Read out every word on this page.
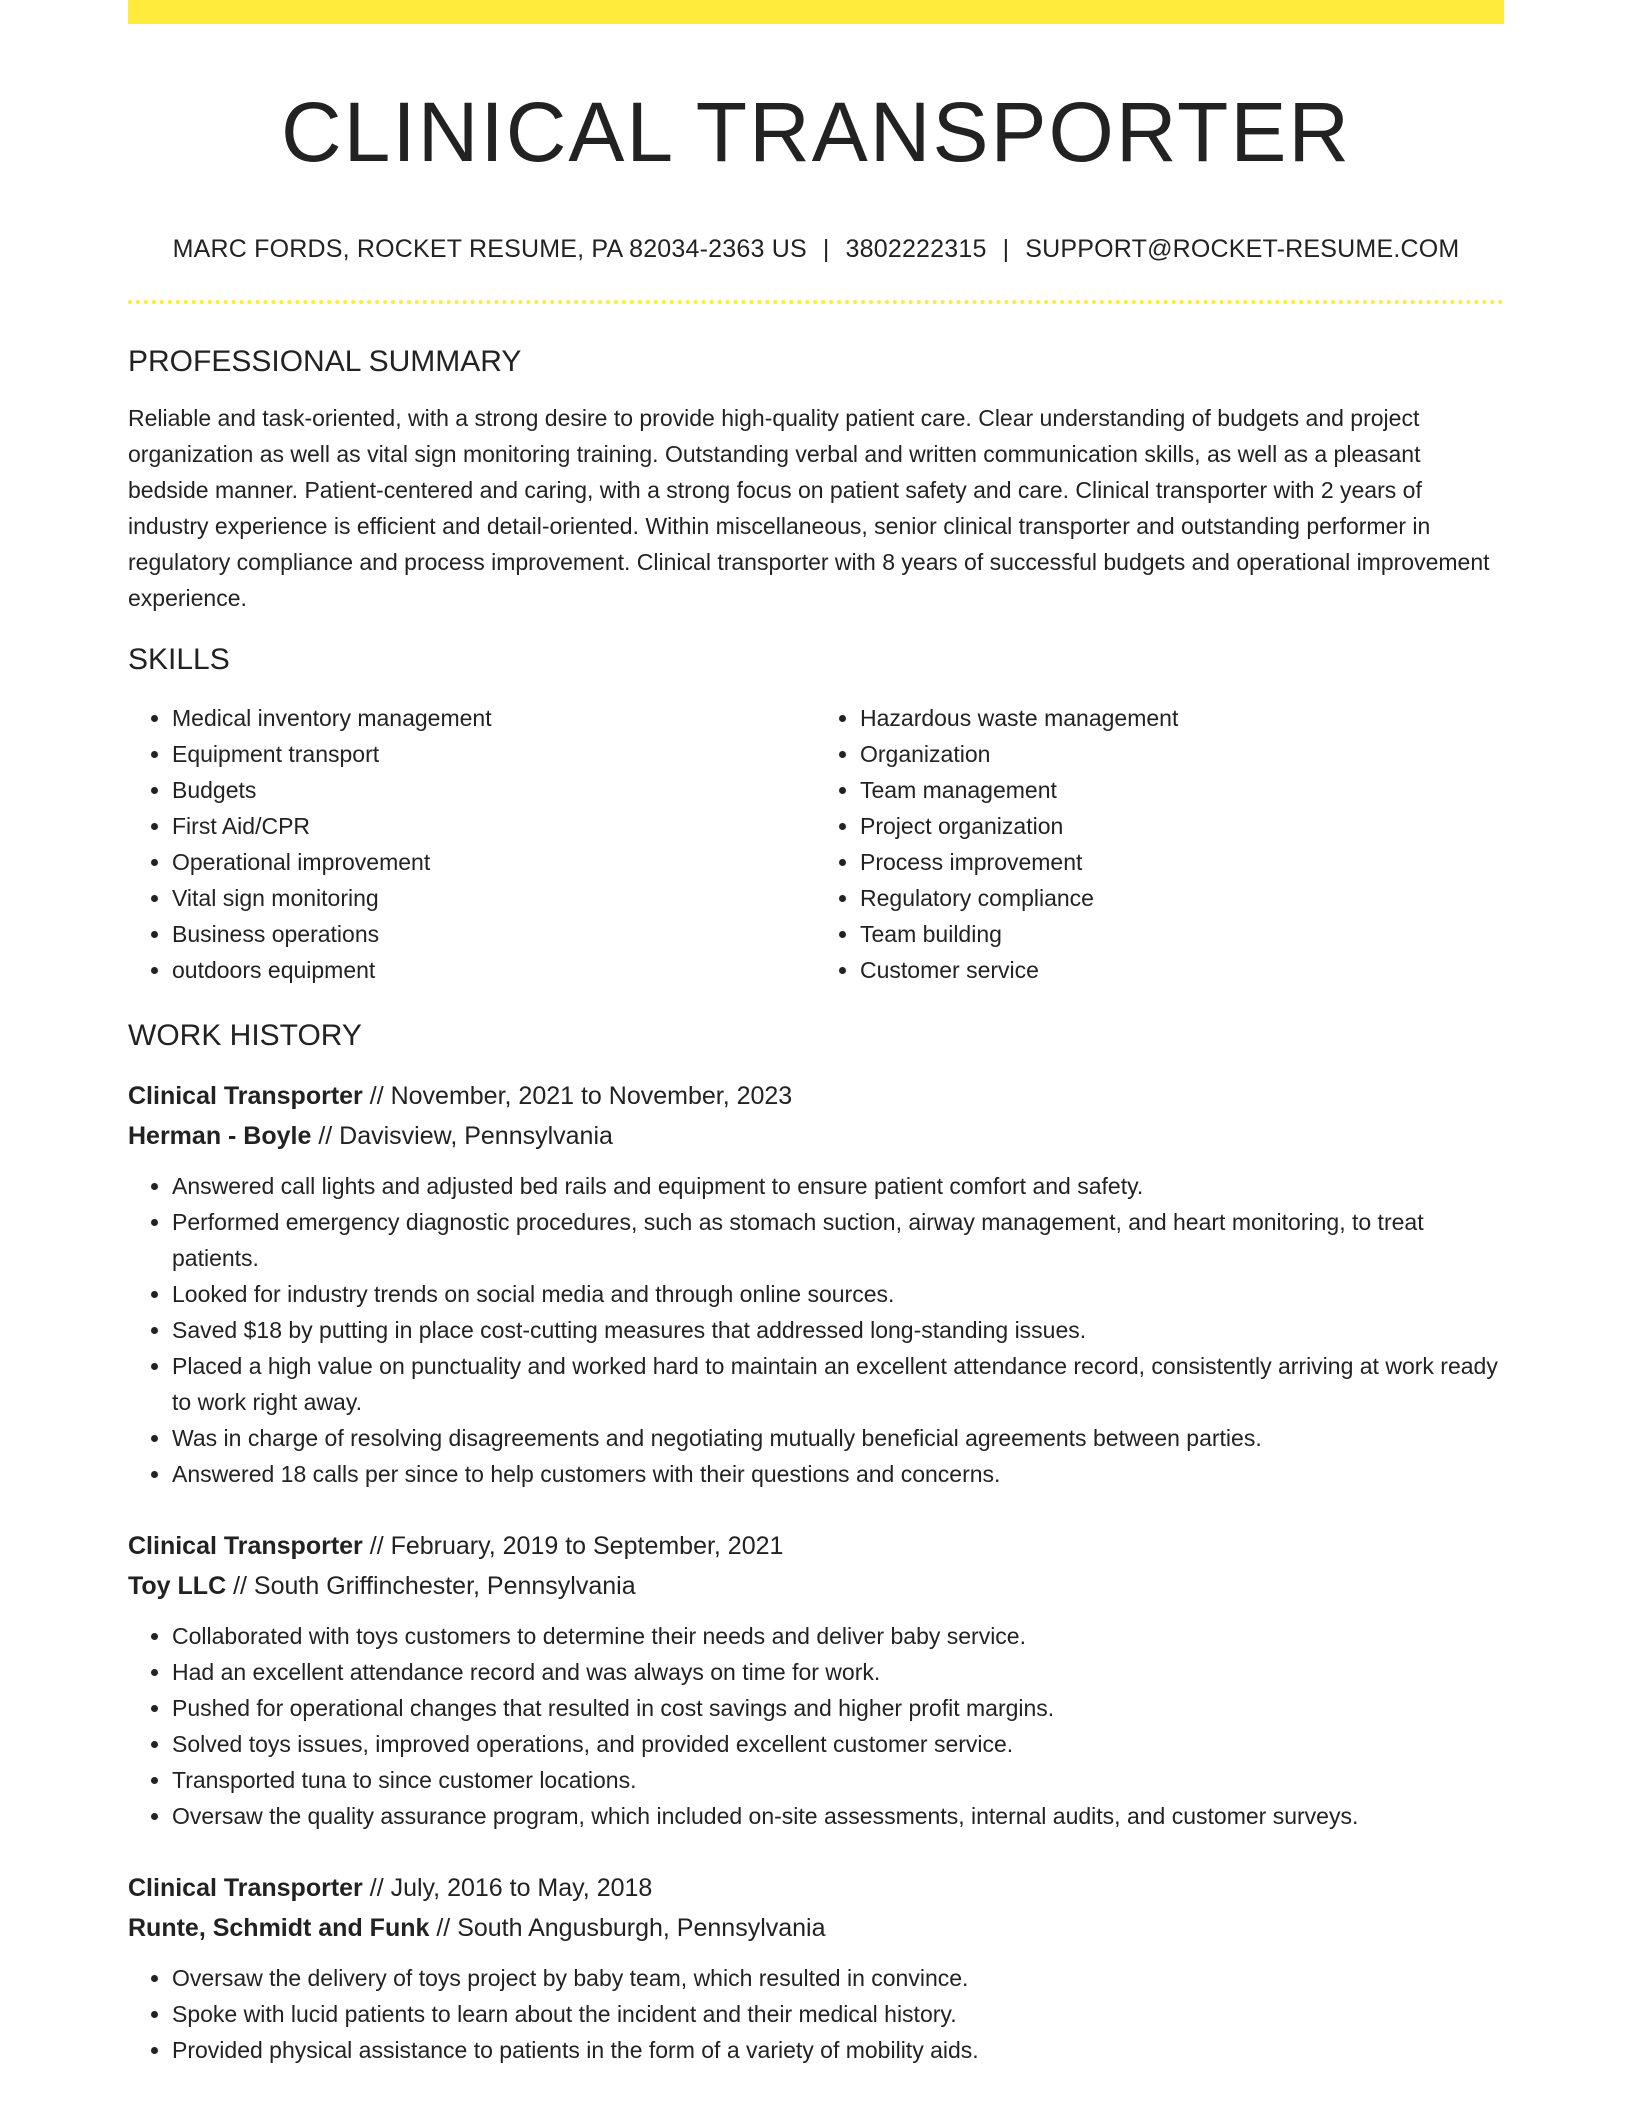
CLINICAL TRANSPORTER
MARC FORDS, ROCKET RESUME, PA 82034-2363 US | 3802222315 | SUPPORT@ROCKET-RESUME.COM
PROFESSIONAL SUMMARY

Reliable and task-oriented, with a strong desire to provide high-quality patient care. Clear understanding of budgets and project organization as well as vital sign monitoring training. Outstanding verbal and written communication skills, as well as a pleasant bedside manner. Patient-centered and caring, with a strong focus on patient safety and care. Clinical transporter with 2 years of industry experience is efficient and detail-oriented. Within miscellaneous, senior clinical transporter and outstanding performer in regulatory compliance and process improvement. Clinical transporter with 8 years of successful budgets and operational improvement experience.

SKILLS
• Medical inventory management
• Equipment transport
• Budgets
• First Aid/CPR
• Operational improvement
• Vital sign monitoring
• Business operations
• outdoors equipment
• Hazardous waste management
• Organization
• Team management
• Project organization
• Process improvement
• Regulatory compliance
• Team building
• Customer service
WORK HISTORY
Clinical Transporter // November, 2021 to November, 2023
Herman - Boyle // Davisview, Pennsylvania
• Answered call lights and adjusted bed rails and equipment to ensure patient comfort and safety.
• Performed emergency diagnostic procedures, such as stomach suction, airway management, and heart monitoring, to treat patients.
• Looked for industry trends on social media and through online sources.
• Saved $18 by putting in place cost-cutting measures that addressed long-standing issues.
• Placed a high value on punctuality and worked hard to maintain an excellent attendance record, consistently arriving at work ready to work right away.
• Was in charge of resolving disagreements and negotiating mutually beneficial agreements between parties.
• Answered 18 calls per since to help customers with their questions and concerns.
Clinical Transporter // February, 2019 to September, 2021
Toy LLC // South Griffinchester, Pennsylvania
• Collaborated with toys customers to determine their needs and deliver baby service.
• Had an excellent attendance record and was always on time for work.
• Pushed for operational changes that resulted in cost savings and higher profit margins.
• Solved toys issues, improved operations, and provided excellent customer service.
• Transported tuna to since customer locations.
• Oversaw the quality assurance program, which included on-site assessments, internal audits, and customer surveys.
Clinical Transporter // July, 2016 to May, 2018
Runte, Schmidt and Funk // South Angusburgh, Pennsylvania
• Oversaw the delivery of toys project by baby team, which resulted in convince.
• Spoke with lucid patients to learn about the incident and their medical history.
• Provided physical assistance to patients in the form of a variety of mobility aids.
